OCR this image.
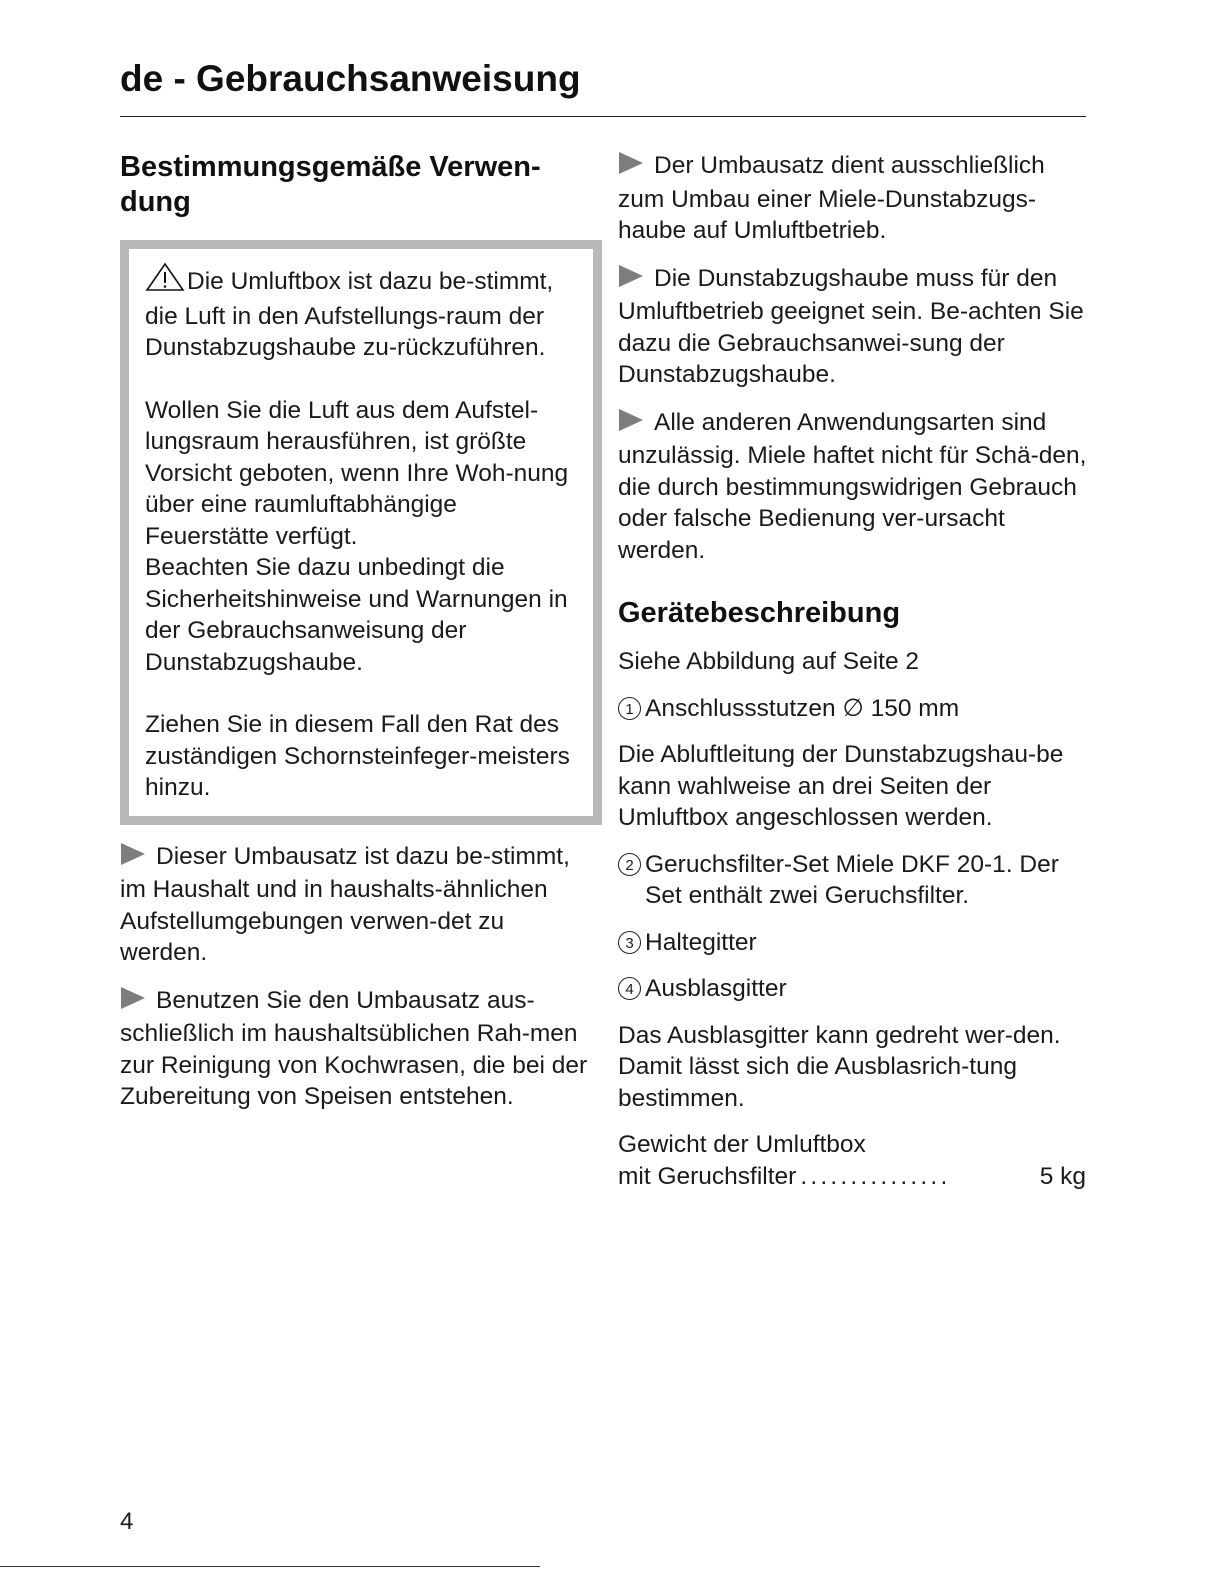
de - Gebrauchsanweisung
Bestimmungsgemäße Verwen-
dung

Die Umluftbox ist dazu be-stimmt, die Luft in den Aufstellungs-raum der Dunstabzugshaube zu-rückzuführen.

Wollen Sie die Luft aus dem Aufstel-lungsraum herausführen, ist größte Vorsicht geboten, wenn Ihre Woh-nung über eine raumluftabhängige Feuerstätte verfügt.
Beachten Sie dazu unbedingt die Sicherheitshinweise und Warnungen in der Gebrauchsanweisung der Dunstabzugshaube.

Ziehen Sie in diesem Fall den Rat des zuständigen Schornsteinfeger-meisters hinzu.

Dieser Umbausatz ist dazu be-stimmt, im Haushalt und in haushalts-ähnlichen Aufstellumgebungen verwen-det zu werden.

Benutzen Sie den Umbausatz aus-schließlich im haushaltsüblichen Rah-men zur Reinigung von Kochwrasen, die bei der Zubereitung von Speisen entstehen.

Der Umbausatz dient ausschließlich zum Umbau einer Miele-Dunstabzugs-haube auf Umluftbetrieb.

Die Dunstabzugshaube muss für den Umluftbetrieb geeignet sein. Be-achten Sie dazu die Gebrauchsanwei-sung der Dunstabzugshaube.

Alle anderen Anwendungsarten sind unzulässig. Miele haftet nicht für Schä-den, die durch bestimmungswidrigen Gebrauch oder falsche Bedienung ver-ursacht werden.

Gerätebeschreibung

Siehe Abbildung auf Seite 2

1 Anschlussstutzen ∅ 150 mm

Die Abluftleitung der Dunstabzugshau-be kann wahlweise an drei Seiten der Umluftbox angeschlossen werden.

2 Geruchsfilter-Set Miele DKF 20-1. Der Set enthält zwei Geruchsfilter.
3 Haltegitter
4 Ausblasgitter

Das Ausblasgitter kann gedreht wer-den. Damit lässt sich die Ausblasrich-tung bestimmen.

Gewicht der Umluftbox
mit Geruchsfilter ...............	5 kg
4
